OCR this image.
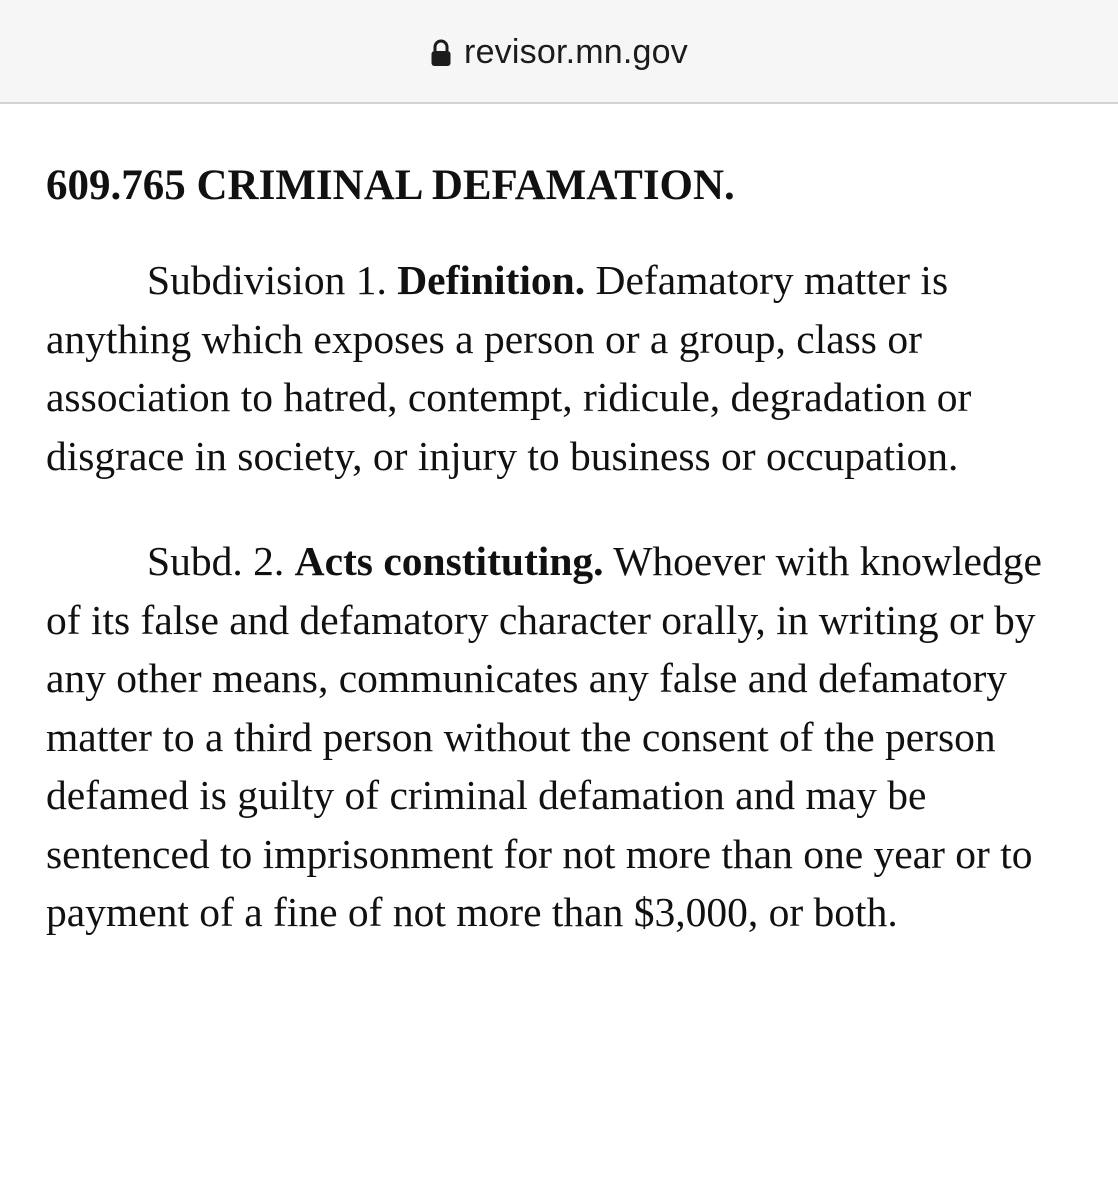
revisor.mn.gov
609.765 CRIMINAL DEFAMATION.

Subdivision 1. Definition. Defamatory matter is anything which exposes a person or a group, class or association to hatred, contempt, ridicule, degradation or disgrace in society, or injury to business or occupation.

Subd. 2. Acts constituting. Whoever with knowledge of its false and defamatory character orally, in writing or by any other means, communicates any false and defamatory matter to a third person without the consent of the person defamed is guilty of criminal defamation and may be sentenced to imprisonment for not more than one year or to payment of a fine of not more than $3,000, or both.
